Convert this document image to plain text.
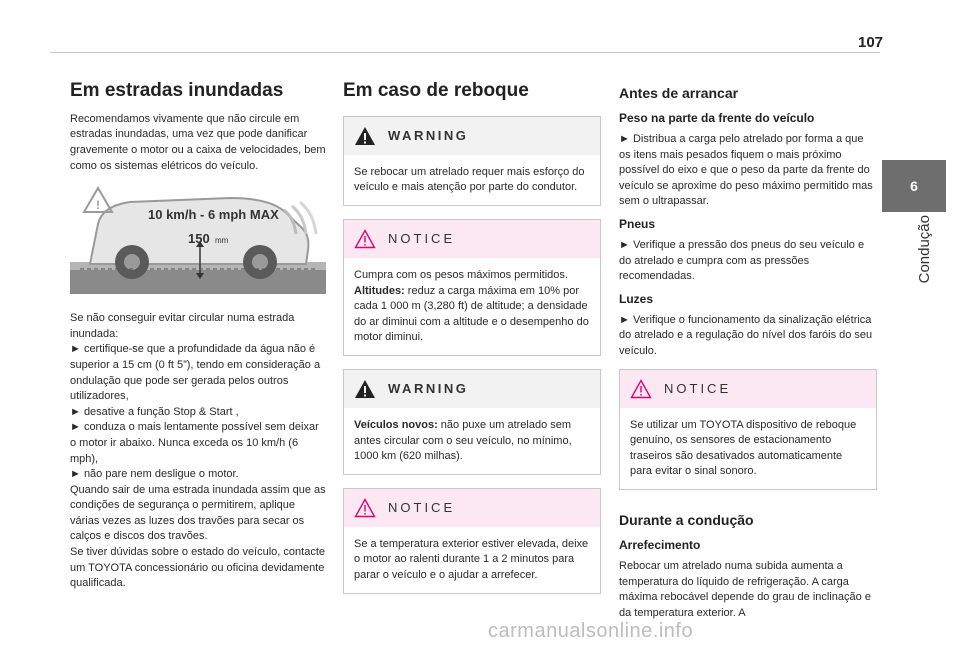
107
6
Condução
Em estradas inundadas

Recomendamos vivamente que não circule em estradas inundadas, uma vez que pode danificar gravemente o motor ou a caixa de velocidades, bem como os sistemas elétricos do veículo.

!
10 km/h - 6 mph MAX
150 mm

Se não conseguir evitar circular numa estrada inundada:

► certifique-se que a profundidade da água não é superior a 15 cm (0 ft 5”), tendo em consideração a ondulação que pode ser gerada pelos outros utilizadores,

► desative a função Stop & Start ,

► conduza o mais lentamente possível sem deixar o motor ir abaixo. Nunca exceda os 10 km/h (6 mph),

► não pare nem desligue o motor.

Quando sair de uma estrada inundada assim que as condições de segurança o permitirem, aplique várias vezes as luzes dos travões para secar os calços e discos dos travões.

Se tiver dúvidas sobre o estado do veículo, contacte um TOYOTA concessionário ou oficina devidamente qualificada.

Em caso de reboque
WARNING

Se rebocar um atrelado requer mais esforço do veículo e mais atenção por parte do condutor.

NOTICE

Cumpra com os pesos máximos permitidos.

Altitudes: reduz a carga máxima em 10% por cada 1 000 m (3,280 ft) de altitude; a densidade do ar diminui com a altitude e o desempenho do motor diminui.

WARNING

Veículos novos: não puxe um atrelado sem antes circular com o seu veículo, no mínimo, 1000 km (620 milhas).

NOTICE

Se a temperatura exterior estiver elevada, deixe o motor ao ralenti durante 1 a 2 minutos para parar o veículo e o ajudar a arrefecer.

Antes de arrancar
Peso na parte da frente do veículo

► Distribua a carga pelo atrelado por forma a que os itens mais pesados fiquem o mais próximo possível do eixo e que o peso da parte da frente do veículo se aproxime do peso máximo permitido mas sem o ultrapassar.

Pneus

► Verifique a pressão dos pneus do seu veículo e do atrelado e cumpra com as pressões recomendadas.

Luzes

► Verifique o funcionamento da sinalização elétrica do atrelado e a regulação do nível dos faróis do seu veículo.

NOTICE

Se utilizar um TOYOTA dispositivo de reboque genuíno, os sensores de estacionamento traseiros são desativados automaticamente para evitar o sinal sonoro.

Durante a condução
Arrefecimento

Rebocar um atrelado numa subida aumenta a temperatura do líquido de refrigeração. A carga máxima rebocável depende do grau de inclinação e da temperatura exterior. A

carmanualsonline.info
